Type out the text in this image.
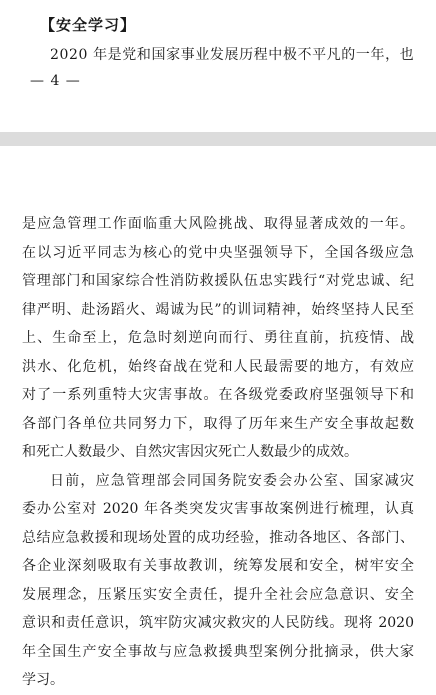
【安全学习】
2020 年是党和国家事业发展历程中极不平凡的一年，也
— 4 —
是应急管理工作面临重大风险挑战、取得显著成效的一年。
在以习近平同志为核心的党中央坚强领导下，全国各级应急
管理部门和国家综合性消防救援队伍忠实践行“对党忠诚、纪
律严明、赴汤蹈火、竭诚为民”的训词精神，始终坚持人民至
上、生命至上，危急时刻逆向而行、勇往直前，抗疫情、战
洪水、化危机，始终奋战在党和人民最需要的地方，有效应
对了一系列重特大灾害事故。在各级党委政府坚强领导下和
各部门各单位共同努力下，取得了历年来生产安全事故起数
和死亡人数最少、自然灾害因灾死亡人数最少的成效。
日前，应急管理部会同国务院安委会办公室、国家减灾
委办公室对 2020 年各类突发灾害事故案例进行梳理，认真
总结应急救援和现场处置的成功经验，推动各地区、各部门、
各企业深刻吸取有关事故教训，统筹发展和安全，树牢安全
发展理念，压紧压实安全责任，提升全社会应急意识、安全
意识和责任意识，筑牢防灾减灾救灾的人民防线。现将 2020
年全国生产安全事故与应急救援典型案例分批摘录，供大家
学习。
